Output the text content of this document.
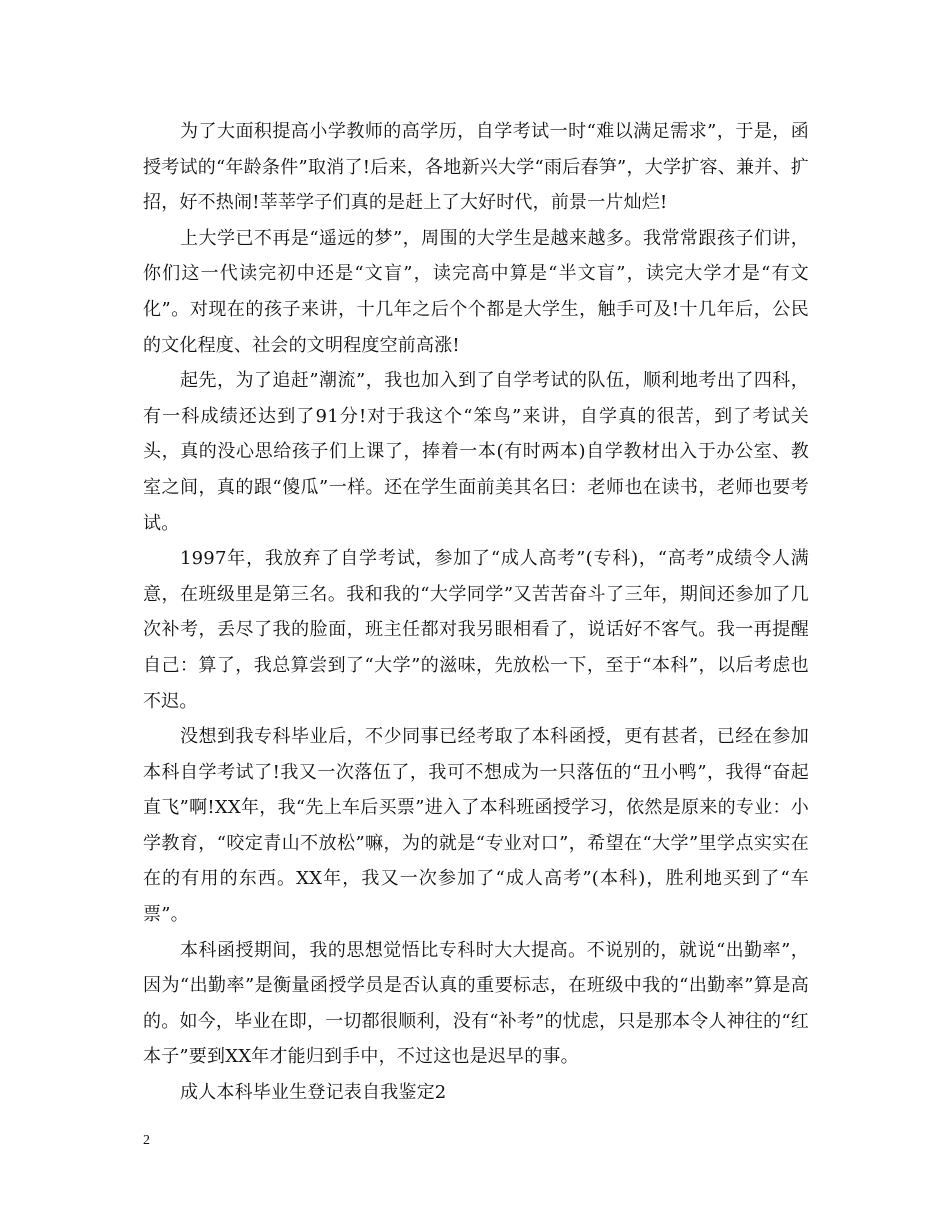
为了大面积提高小学教师的高学历，自学考试一时“难以满足需求”，于是，函授考试的“年龄条件”取消了!后来，各地新兴大学“雨后春笋”，大学扩容、兼并、扩招，好不热闹!莘莘学子们真的是赶上了大好时代，前景一片灿烂!

上大学已不再是“遥远的梦”，周围的大学生是越来越多。我常常跟孩子们讲，你们这一代读完初中还是“文盲”，读完高中算是“半文盲”，读完大学才是“有文化”。对现在的孩子来讲，十几年之后个个都是大学生，触手可及!十几年后，公民的文化程度、社会的文明程度空前高涨!

起先，为了追赶”潮流”，我也加入到了自学考试的队伍，顺利地考出了四科，有一科成绩还达到了91分!对于我这个“笨鸟”来讲，自学真的很苦，到了考试关头，真的没心思给孩子们上课了，捧着一本(有时两本)自学教材出入于办公室、教室之间，真的跟“傻瓜”一样。还在学生面前美其名曰：老师也在读书，老师也要考试。

1997年，我放弃了自学考试，参加了“成人高考”(专科)，“高考”成绩令人满意，在班级里是第三名。我和我的“大学同学”又苦苦奋斗了三年，期间还参加了几次补考，丢尽了我的脸面，班主任都对我另眼相看了，说话好不客气。我一再提醒自己：算了，我总算尝到了“大学”的滋味，先放松一下，至于“本科”，以后考虑也不迟。

没想到我专科毕业后，不少同事已经考取了本科函授，更有甚者，已经在参加本科自学考试了!我又一次落伍了，我可不想成为一只落伍的“丑小鸭”，我得“奋起直飞”啊!XX年，我“先上车后买票”进入了本科班函授学习，依然是原来的专业：小学教育，“咬定青山不放松”嘛，为的就是“专业对口”，希望在“大学”里学点实实在在的有用的东西。XX年，我又一次参加了“成人高考”(本科)，胜利地买到了“车票”。

本科函授期间，我的思想觉悟比专科时大大提高。不说别的，就说“出勤率”，因为“出勤率”是衡量函授学员是否认真的重要标志，在班级中我的“出勤率”算是高的。如今，毕业在即，一切都很顺利，没有“补考”的忧虑，只是那本令人神往的“红本子”要到XX年才能归到手中，不过这也是迟早的事。

成人本科毕业生登记表自我鉴定2

2
